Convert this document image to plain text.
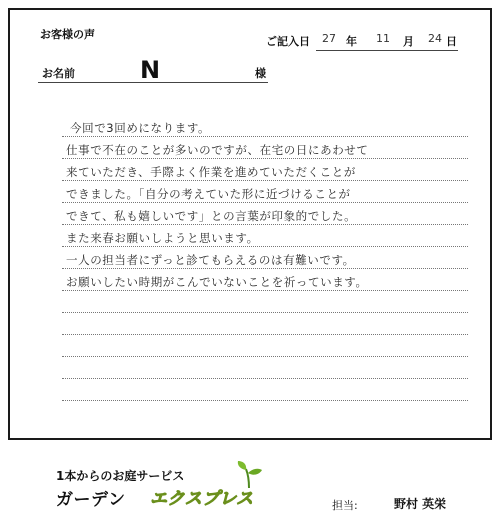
お客様の声
ご記入日 27 年 11 月 24 日
お名前	N	様
今回で3回めになります。
仕事で不在のことが多いのですが、在宅の日にあわせて
来ていただき、手際よく作業を進めていただくことが
できました。「自分の考えていた形に近づけることが
できて、私も嬉しいです」との言葉が印象的でした。
また来春お願いしようと思います。
一人の担当者にずっと診てもらえるのは有難いです。
お願いしたい時期がこんでいないことを祈っています。
1本からのお庭サービス
ガーデン エクスプレス	担当:	野村 英栄
